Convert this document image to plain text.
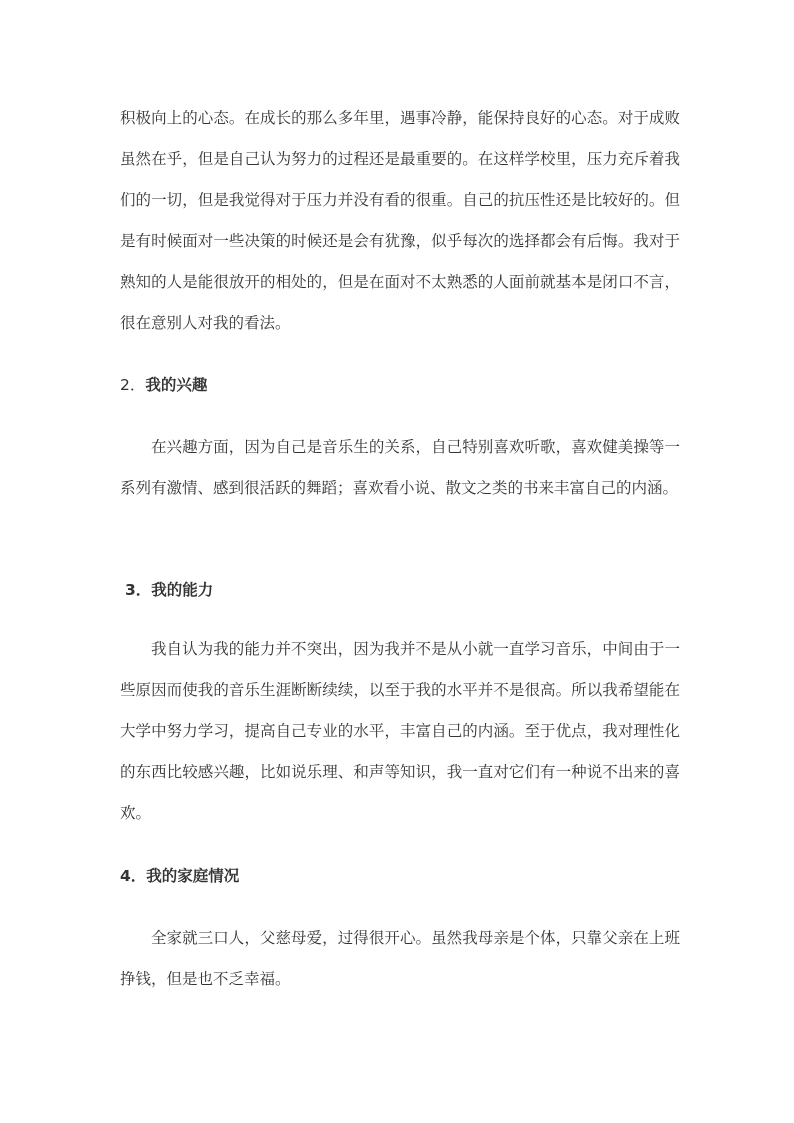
积极向上的心态。在成长的那么多年里，遇事冷静，能保持良好的心态。对于成败虽然在乎，但是自己认为努力的过程还是最重要的。在这样学校里，压力充斥着我们的一切，但是我觉得对于压力并没有看的很重。自己的抗压性还是比较好的。但是有时候面对一些决策的时候还是会有犹豫，似乎每次的选择都会有后悔。我对于熟知的人是能很放开的相处的，但是在面对不太熟悉的人面前就基本是闭口不言，很在意别人对我的看法。

2．我的兴趣

在兴趣方面，因为自己是音乐生的关系，自己特别喜欢听歌，喜欢健美操等一系列有激情、感到很活跃的舞蹈；喜欢看小说、散文之类的书来丰富自己的内涵。

3．我的能力

我自认为我的能力并不突出，因为我并不是从小就一直学习音乐，中间由于一些原因而使我的音乐生涯断断续续，以至于我的水平并不是很高。所以我希望能在大学中努力学习，提高自己专业的水平，丰富自己的内涵。至于优点，我对理性化的东西比较感兴趣，比如说乐理、和声等知识，我一直对它们有一种说不出来的喜欢。

4．我的家庭情况

全家就三口人，父慈母爱，过得很开心。虽然我母亲是个体，只靠父亲在上班挣钱，但是也不乏幸福。
